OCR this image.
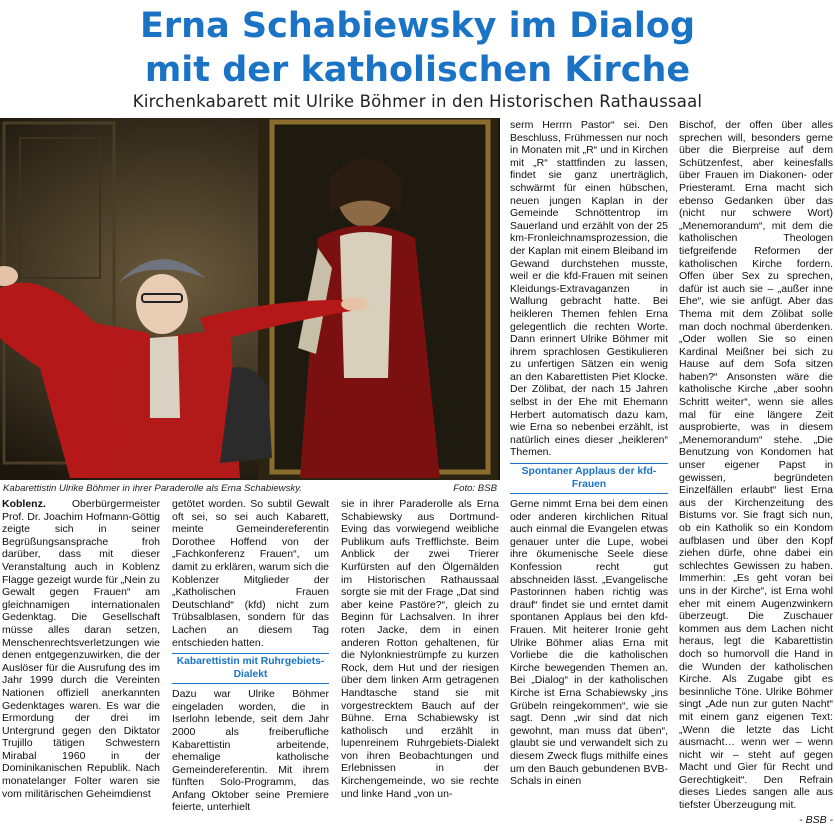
Erna Schabiewsky im Dialog
mit der katholischen Kirche
Kirchenkabarett mit Ulrike Böhmer in den Historischen Rathaussaal
Kabarettistin Ulrike Böhmer in ihrer Paraderolle als Erna Schabiewsky.	Foto: BSB

Koblenz. Oberbürgermeister Prof. Dr. Joachim Hofmann-Göttig zeigte sich in seiner Begrüßungsansprache froh darüber, dass mit dieser Veranstaltung auch in Koblenz Flagge gezeigt wurde für „Nein zu Gewalt gegen Frauen“ am gleichnamigen internationalen Gedenktag. Die Gesellschaft müsse alles daran setzen, Menschenrechtsverletzungen wie denen entgegenzuwirken, die der Auslöser für die Ausrufung des im Jahr 1999 durch die Vereinten Nationen offiziell anerkannten Gedenktages waren. Es war die Ermordung der drei im Untergrund gegen den Diktator Trujillo tätigen Schwestern Mirabal 1960 in der Dominikanischen Republik. Nach monatelanger Folter waren sie vom militärischen Geheimdienst

getötet worden. So subtil Gewalt oft sei, so sei auch Kabarett, meinte Gemeindereferentin Dorothee Hoffend von der „Fachkonferenz Frauen“, um damit zu erklären, warum sich die Koblenzer Mitglieder der „Katholischen Frauen Deutschland“ (kfd) nicht zum Trübsalblasen, sondern für das Lachen an diesem Tag entschieden hatten.

Kabarettistin mit Ruhrgebiets-Dialekt

Dazu war Ulrike Böhmer eingeladen worden, die in Iserlohn lebende, seit dem Jahr 2000 als freiberufliche Kabarettistin arbeitende, ehemalige katholische Gemeindereferentin. Mit ihrem fünften Solo-Programm, das Anfang Oktober seine Premiere feierte, unterhielt

sie in ihrer Paraderolle als Erna Schabiewsky aus Dortmund-Eving das vorwiegend weibliche Publikum aufs Trefflichste. Beim Anblick der zwei Trierer Kurfürsten auf den Ölgemälden im Historischen Rathaussaal sorgte sie mit der Frage „Dat sind aber keine Pastöre?“, gleich zu Beginn für Lachsalven. In ihrer roten Jacke, dem in einen anderen Rotton gehaltenen, für die Nylonkniestrümpfe zu kurzen Rock, dem Hut und der riesigen über dem linken Arm getragenen Handtasche stand sie mit vorgestrecktem Bauch auf der Bühne. Erna Schabiewsky ist katholisch und erzählt in lupenreinem Ruhrgebiets-Dialekt von ihren Beobachtungen und Erlebnissen in der Kirchengemeinde, wo sie rechte und linke Hand „von un-

serm Herrrn Pastor“ sei. Den Beschluss, Frühmessen nur noch in Monaten mit „R“ und in Kirchen mit „R“ stattfinden zu lassen, findet sie ganz unerträglich, schwärmt für einen hübschen, neuen jungen Kaplan in der Gemeinde Schnöttentrop im Sauerland und erzählt von der 25 km-Fronleichnamsprozession, die der Kaplan mit einem Bleiband im Gewand durchstehen musste, weil er die kfd-Frauen mit seinen Kleidungs-Extravaganzen in Wallung gebracht hatte. Bei heikleren Themen fehlen Erna gelegentlich die rechten Worte. Dann erinnert Ulrike Böhmer mit ihrem sprachlosen Gestikulieren zu unfertigen Sätzen ein wenig an den Kabarettisten Piet Klocke. Der Zölibat, der nach 15 Jahren selbst in der Ehe mit Ehemann Herbert automatisch dazu kam, wie Erna so nebenbei erzählt, ist natürlich eines dieser „heikleren“ Themen.

Spontaner Applaus der kfd-Frauen

Gerne nimmt Erna bei dem einen oder anderen kirchlichen Ritual auch einmal die Evangelen etwas genauer unter die Lupe, wobei ihre ökumenische Seele diese Konfession recht gut abschneiden lässt. „Evangelische Pastorinnen haben richtig was drauf“ findet sie und erntet damit spontanen Applaus bei den kfd-Frauen. Mit heiterer Ironie geht Ulrike Böhmer alias Erna mit Vorliebe die die katholischen Kirche bewegenden Themen an. Bei „Dialog“ in der katholischen Kirche ist Erna Schabiewsky „ins Grübeln reingekommen“, wie sie sagt. Denn „wir sind dat nich gewohnt, man muss dat üben“, glaubt sie und verwandelt sich zu diesem Zweck flugs mithilfe eines um den Bauch gebundenen BVB-Schals in einen

Bischof, der offen über alles sprechen will, besonders gerne über die Bierpreise auf dem Schützenfest, aber keinesfalls über Frauen im Diakonen- oder Priesteramt. Erna macht sich ebenso Gedanken über das (nicht nur schwere Wort) „Menemorandum“, mit dem die katholischen Theologen tiefgreifende Reformen der katholischen Kirche fordern. Offen über Sex zu sprechen, dafür ist auch sie – „außer inne Ehe“, wie sie anfügt. Aber das Thema mit dem Zölibat solle man doch nochmal überdenken. „Oder wollen Sie so einen Kardinal Meißner bei sich zu Hause auf dem Sofa sitzen haben?“ Ansonsten wäre die katholische Kirche „aber soohn Schritt weiter“, wenn sie alles mal für eine längere Zeit ausprobierte, was in diesem „Menemorandum“ stehe. „Die Benutzung von Kondomen hat unser eigener Papst in gewissen, begründeten Einzelfällen erlaubt“ liest Erna aus der Kirchenzeitung des Bistums vor. Sie fragt sich nun, ob ein Katholik so ein Kondom aufblasen und über den Kopf ziehen dürfe, ohne dabei ein schlechtes Gewissen zu haben. Immerhin: „Es geht voran bei uns in der Kirche“, ist Erna wohl eher mit einem Augenzwinkern überzeugt. Die Zuschauer kommen aus dem Lachen nicht heraus, legt die Kabarettistin doch so humorvoll die Hand in die Wunden der katholischen Kirche. Als Zugabe gibt es besinnliche Töne. Ulrike Böhmer singt „Ade nun zur guten Nacht“ mit einem ganz eigenen Text: „Wenn die letzte das Licht ausmacht… wenn wer – wenn nicht wir – steht auf gegen Macht und Gier für Recht und Gerechtigkeit“. Den Refrain dieses Liedes sangen alle aus tiefster Überzeugung mit.

- BSB -
